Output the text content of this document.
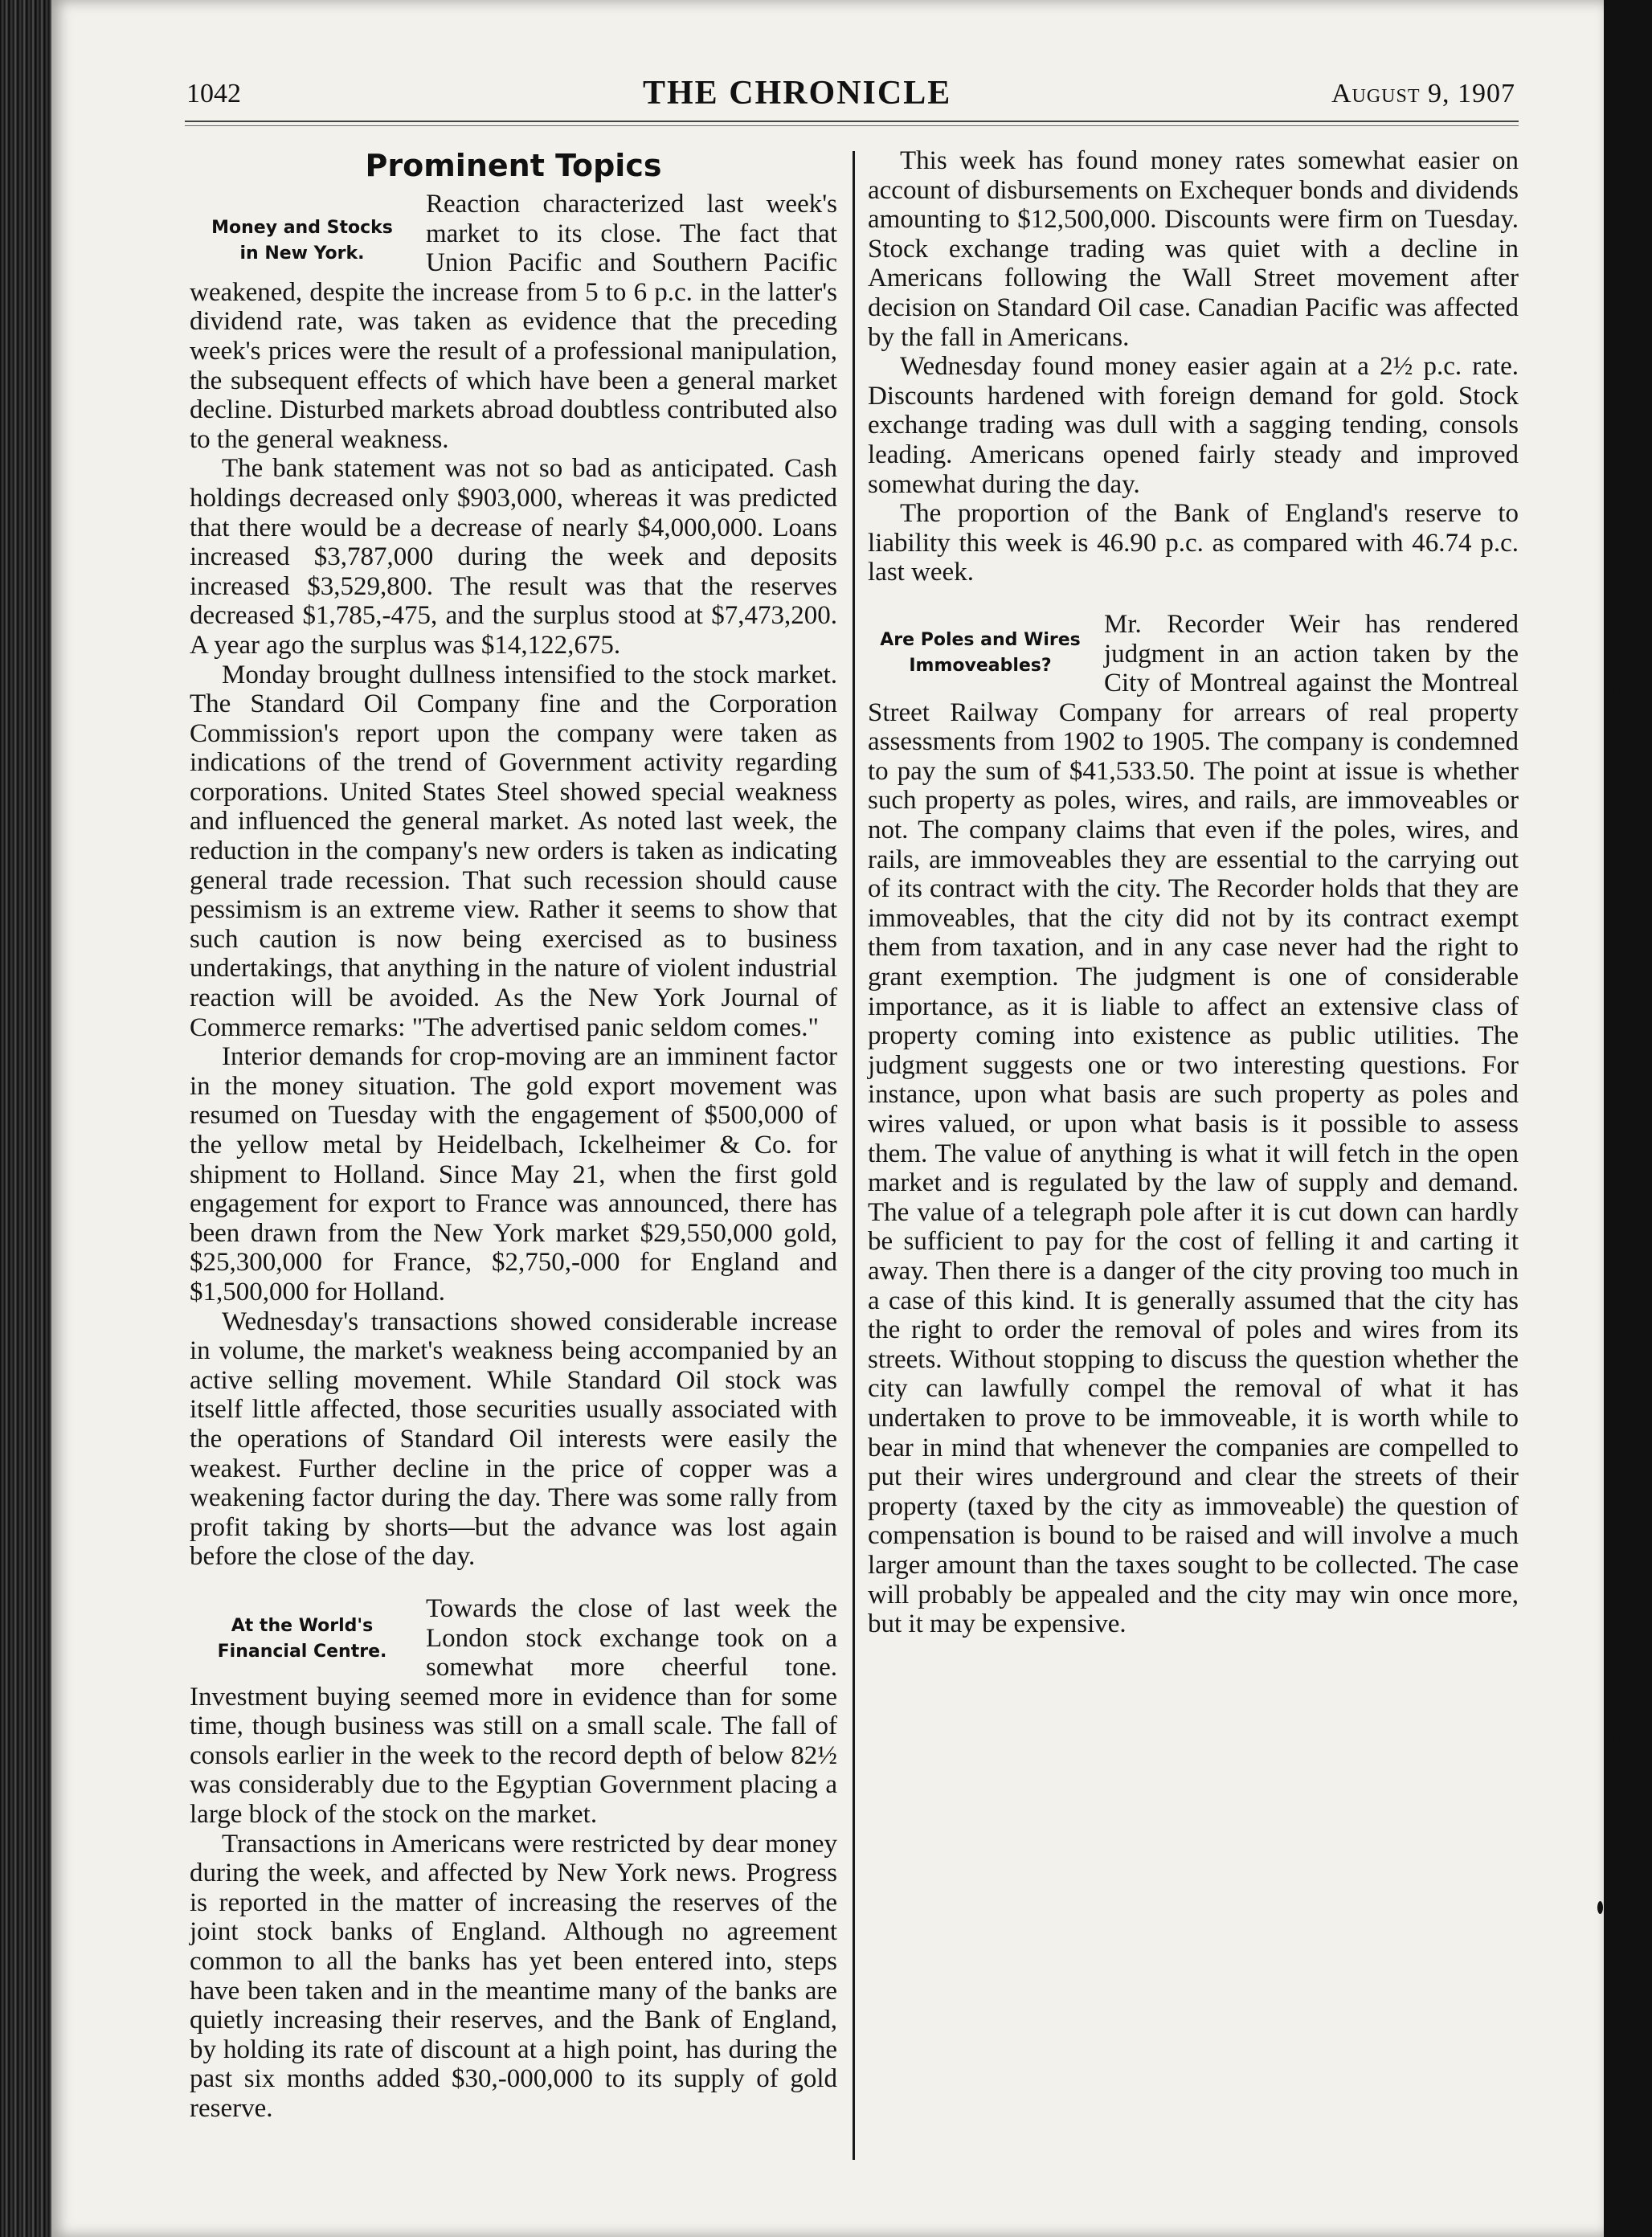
1042	THE CHRONICLE	August 9, 1907
Prominent Topics
Money and Stocks
in New York.

Reaction characterized last week's market to its close. The fact that Union Pacific and Southern Pacific weakened, despite the increase from 5 to 6 p.c. in the latter's dividend rate, was taken as evidence that the preceding week's prices were the result of a professional manipulation, the subsequent effects of which have been a general market decline. Disturbed markets abroad doubtless contributed also to the general weakness.

The bank statement was not so bad as anticipated. Cash holdings decreased only $903,000, whereas it was predicted that there would be a decrease of nearly $4,000,000. Loans increased $3,787,000 during the week and deposits increased $3,529,800. The result was that the reserves decreased $1,785,-475, and the surplus stood at $7,473,200. A year ago the surplus was $14,122,675.

Monday brought dullness intensified to the stock market. The Standard Oil Company fine and the Corporation Commission's report upon the company were taken as indications of the trend of Government activity regarding corporations. United States Steel showed special weakness and influenced the general market. As noted last week, the reduction in the company's new orders is taken as indicating general trade recession. That such recession should cause pessimism is an extreme view. Rather it seems to show that such caution is now being exercised as to business undertakings, that anything in the nature of violent industrial reaction will be avoided. As the New York Journal of Commerce remarks: "The advertised panic seldom comes."

Interior demands for crop-moving are an imminent factor in the money situation. The gold export movement was resumed on Tuesday with the engagement of $500,000 of the yellow metal by Heidelbach, Ickelheimer & Co. for shipment to Holland. Since May 21, when the first gold engagement for export to France was announced, there has been drawn from the New York market $29,550,000 gold, $25,300,000 for France, $2,750,-000 for England and $1,500,000 for Holland.

Wednesday's transactions showed considerable increase in volume, the market's weakness being accompanied by an active selling movement. While Standard Oil stock was itself little affected, those securities usually associated with the operations of Standard Oil interests were easily the weakest. Further decline in the price of copper was a weakening factor during the day. There was some rally from profit taking by shorts—but the advance was lost again before the close of the day.

At the World's
Financial Centre.

Towards the close of last week the London stock exchange took on a somewhat more cheerful tone. Investment buying seemed more in evidence than for some time, though business was still on a small scale. The fall of consols earlier in the week to the record depth of below 82½ was considerably due to the Egyptian Government placing a large block of the stock on the market.

Transactions in Americans were restricted by dear money during the week, and affected by New York news. Progress is reported in the matter of increasing the reserves of the joint stock banks of England. Although no agreement common to all the banks has yet been entered into, steps have been taken and in the meantime many of the banks are quietly increasing their reserves, and the Bank of England, by holding its rate of discount at a high point, has during the past six months added $30,-000,000 to its supply of gold reserve.

This week has found money rates somewhat easier on account of disbursements on Exchequer bonds and dividends amounting to $12,500,000. Discounts were firm on Tuesday. Stock exchange trading was quiet with a decline in Americans following the Wall Street movement after decision on Standard Oil case. Canadian Pacific was affected by the fall in Americans.

Wednesday found money easier again at a 2½ p.c. rate. Discounts hardened with foreign demand for gold. Stock exchange trading was dull with a sagging tending, consols leading. Americans opened fairly steady and improved somewhat during the day.

The proportion of the Bank of England's reserve to liability this week is 46.90 p.c. as compared with 46.74 p.c. last week.

Are Poles and Wires
Immoveables?

Mr. Recorder Weir has rendered judgment in an action taken by the City of Montreal against the Montreal Street Railway Company for arrears of real property assessments from 1902 to 1905. The company is condemned to pay the sum of $41,533.50. The point at issue is whether such property as poles, wires, and rails, are immoveables or not. The company claims that even if the poles, wires, and rails, are immoveables they are essential to the carrying out of its contract with the city. The Recorder holds that they are immoveables, that the city did not by its contract exempt them from taxation, and in any case never had the right to grant exemption. The judgment is one of considerable importance, as it is liable to affect an extensive class of property coming into existence as public utilities. The judgment suggests one or two interesting questions. For instance, upon what basis are such property as poles and wires valued, or upon what basis is it possible to assess them. The value of anything is what it will fetch in the open market and is regulated by the law of supply and demand. The value of a telegraph pole after it is cut down can hardly be sufficient to pay for the cost of felling it and carting it away. Then there is a danger of the city proving too much in a case of this kind. It is generally assumed that the city has the right to order the removal of poles and wires from its streets. Without stopping to discuss the question whether the city can lawfully compel the removal of what it has undertaken to prove to be immoveable, it is worth while to bear in mind that whenever the companies are compelled to put their wires underground and clear the streets of their property (taxed by the city as immoveable) the question of compensation is bound to be raised and will involve a much larger amount than the taxes sought to be collected. The case will probably be appealed and the city may win once more, but it may be expensive.
